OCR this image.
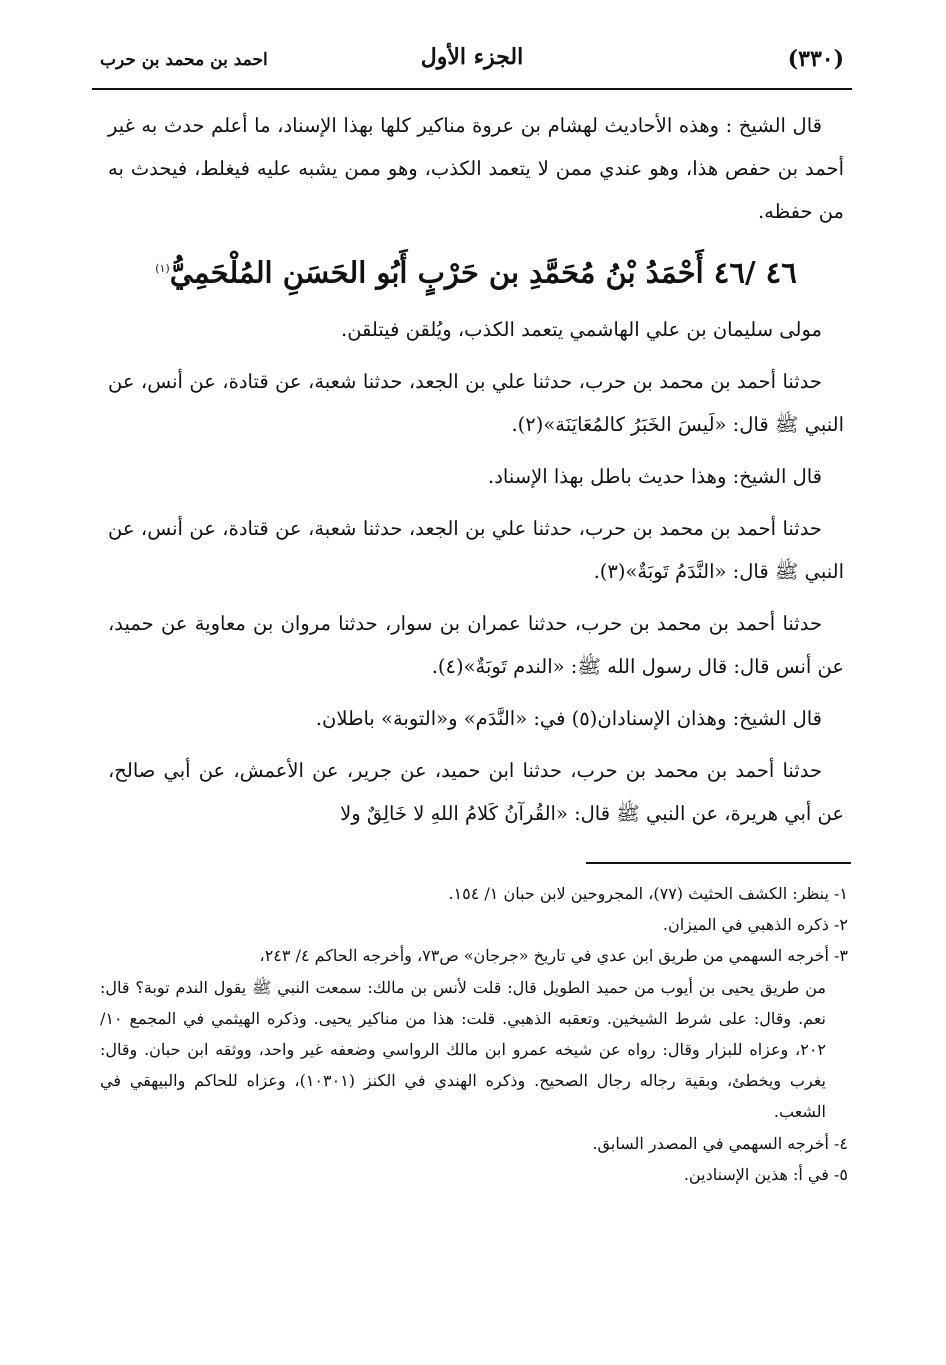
(٣٣٠)
الجزء الأول
احمد بن محمد بن حرب

قال الشيخ : وهذه الأحاديث لهشام بن عروة مناكير كلها بهذا الإسناد، ما أعلم حدث به غير أحمد بن حفص هذا، وهو عندي ممن لا يتعمد الكذب، وهو ممن يشبه عليه فيغلط، فيحدث به من حفظه.

٤٦ /٤٦ أَحْمَدُ بْنُ مُحَمَّدِ بن حَرْبٍ أَبُو الحَسَنِ المُلْحَمِيُّ$^{(١)}$

مولى سليمان بن علي الهاشمي يتعمد الكذب، ويُلقن فيتلقن.

حدثنا أحمد بن محمد بن حرب، حدثنا علي بن الجعد، حدثنا شعبة، عن قتادة، عن أنس، عن النبي ﷺ قال: «لَيسَ الخَبَرُ كالمُعَايَنَة»(٢).

قال الشيخ: وهذا حديث باطل بهذا الإسناد.

حدثنا أحمد بن محمد بن حرب، حدثنا علي بن الجعد، حدثنا شعبة، عن قتادة، عن أنس، عن النبي ﷺ قال: «النَّدَمُ تَوبَةٌ»(٣).

حدثنا أحمد بن محمد بن حرب، حدثنا عمران بن سوار، حدثنا مروان بن معاوية عن حميد، عن أنس قال: قال رسول الله ﷺ: «الندم تَوبَةٌ»(٤).

قال الشيخ: وهذان الإسنادان(٥) في: «النَّدَم» و«التوبة» باطلان.

حدثنا أحمد بن محمد بن حرب، حدثنا ابن حميد، عن جرير، عن الأعمش، عن أبي صالح، عن أبي هريرة، عن النبي ﷺ قال: «القُرآنُ كَلامُ اللهِ لا خَالِقٌ ولا

١- ينظر: الكشف الحثيث (٧٧)، المجروحين لابن حبان ١/ ١٥٤.

٢- ذكره الذهبي في الميزان.

٣- أخرجه السهمي من طريق ابن عدي في تاريخ «جرجان» ص٧٣، وأخرجه الحاكم ٤/ ٢٤٣،

من طريق يحيى بن أيوب من حميد الطويل قال: قلت لأنس بن مالك: سمعت النبي ﷺ يقول الندم توبة؟ قال: نعم. وقال: على شرط الشيخين. وتعقبه الذهبي. قلت: هذا من مناكير يحيى. وذكره الهيثمي في المجمع ١٠/ ٢٠٢، وعزاه للبزار وقال: رواه عن شيخه عمرو ابن مالك الرواسي وضعفه غير واحد، ووثقه ابن حبان. وقال: يغرب ويخطئ، وبقية رجاله رجال الصحيح. وذكره الهندي في الكنز (١٠٣٠١)، وعزاه للحاكم والبيهقي في الشعب.

٤- أخرجه السهمي في المصدر السابق.

٥- في أ: هذين الإسنادين.
